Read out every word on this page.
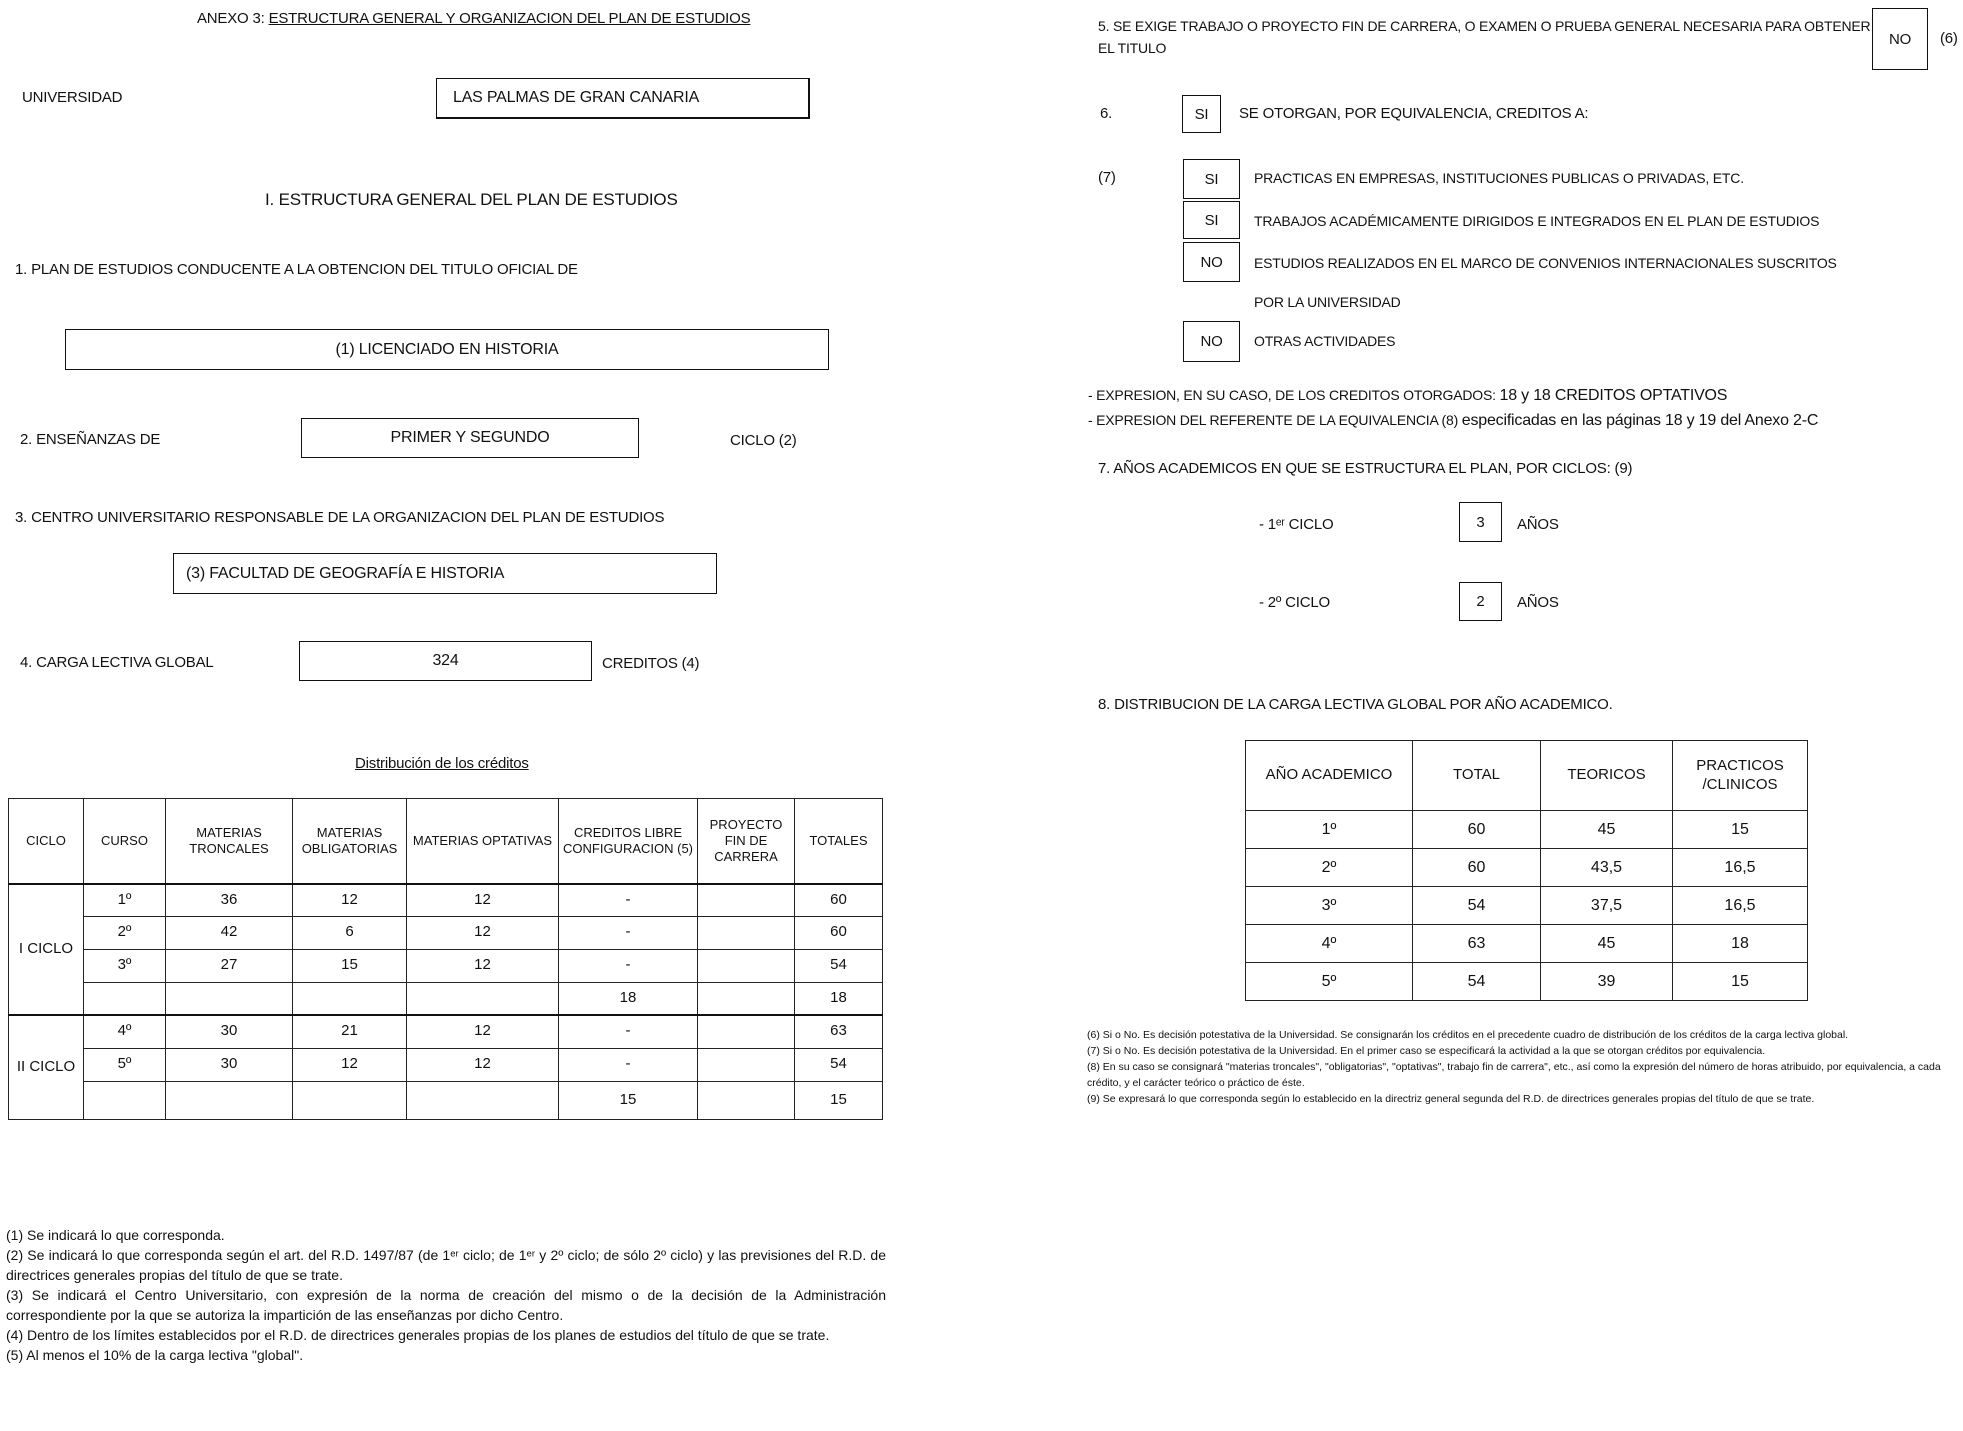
ANEXO 3: ESTRUCTURA GENERAL Y ORGANIZACION DEL PLAN DE ESTUDIOS
UNIVERSIDAD	LAS PALMAS DE GRAN CANARIA
I. ESTRUCTURA GENERAL DEL PLAN DE ESTUDIOS
1. PLAN DE ESTUDIOS CONDUCENTE A LA OBTENCION DEL TITULO OFICIAL DE
(1) LICENCIADO EN HISTORIA
2. ENSEÑANZAS DE	PRIMER Y SEGUNDO	CICLO (2)
3. CENTRO UNIVERSITARIO RESPONSABLE DE LA ORGANIZACION DEL PLAN DE ESTUDIOS
(3) FACULTAD DE GEOGRAFÍA E HISTORIA
4. CARGA LECTIVA GLOBAL	324	CREDITOS (4)
Distribución de los créditos
CICLO	CURSO	MATERIAS TRONCALES	MATERIAS OBLIGATORIAS	MATERIAS OPTATIVAS	CREDITOS LIBRE CONFIGURACION (5)	PROYECTO FIN DE CARRERA	TOTALES
I CICLO	1º	36	12	12	-		60
	2º	42	6	12	-		60
	3º	27	15	12	-		54
					18		18
II CICLO	4º	30	21	12	-		63
	5º	30	12	12	-		54
					15		15

(1) Se indicará lo que corresponda.

(2) Se indicará lo que corresponda según el art. del R.D. 1497/87 (de 1ᵉʳ ciclo; de 1ᵉʳ y 2º ciclo; de sólo 2º ciclo) y las previsiones del R.D. de directrices generales propias del título de que se trate.

(3) Se indicará el Centro Universitario, con expresión de la norma de creación del mismo o de la decisión de la Administración correspondiente por la que se autoriza la impartición de las enseñanzas por dicho Centro.

(4) Dentro de los límites establecidos por el R.D. de directrices generales propias de los planes de estudios del título de que se trate.

(5) Al menos el 10% de la carga lectiva "global".

5. SE EXIGE TRABAJO O PROYECTO FIN DE CARRERA, O EXAMEN O PRUEBA GENERAL NECESARIA PARA OBTENER
EL TITULO
NO (6)
6.	SI SE OTORGAN, POR EQUIVALENCIA, CREDITOS A:
(7)	SI	PRACTICAS EN EMPRESAS, INSTITUCIONES PUBLICAS O PRIVADAS, ETC.
SI	TRABAJOS ACADÉMICAMENTE DIRIGIDOS E INTEGRADOS EN EL PLAN DE ESTUDIOS
NO ESTUDIOS REALIZADOS EN EL MARCO DE CONVENIOS INTERNACIONALES SUSCRITOS
POR LA UNIVERSIDAD
NO OTRAS ACTIVIDADES
- EXPRESION, EN SU CASO, DE LOS CREDITOS OTORGADOS: 18 y 18 CREDITOS OPTATIVOS
- EXPRESION DEL REFERENTE DE LA EQUIVALENCIA (8) especificadas en las páginas 18 y 19 del Anexo 2-C
7. AÑOS ACADEMICOS EN QUE SE ESTRUCTURA EL PLAN, POR CICLOS: (9)
- 1ᵉʳ CICLO	3 AÑOS
- 2º CICLO	2 AÑOS
8. DISTRIBUCION DE LA CARGA LECTIVA GLOBAL POR AÑO ACADEMICO.
AÑO ACADEMICO	TOTAL	TEORICOS	PRACTICOS /CLINICOS
1º	60	45	15
2º	60	43,5	16,5
3º	54	37,5	16,5
4º	63	45	18
5º	54	39	15

(6) Si o No. Es decisión potestativa de la Universidad. Se consignarán los créditos en el precedente cuadro de distribución de los créditos de la carga lectiva global.

(7) Si o No. Es decisión potestativa de la Universidad. En el primer caso se especificará la actividad a la que se otorgan créditos por equivalencia.

(8) En su caso se consignará "materias troncales", "obligatorias", "optativas", trabajo fin de carrera", etc., así como la expresión del número de horas atribuido, por equivalencia, a cada crédito, y el carácter teórico o práctico de éste.

(9) Se expresará lo que corresponda según lo establecido en la directriz general segunda del R.D. de directrices generales propias del título de que se trate.
